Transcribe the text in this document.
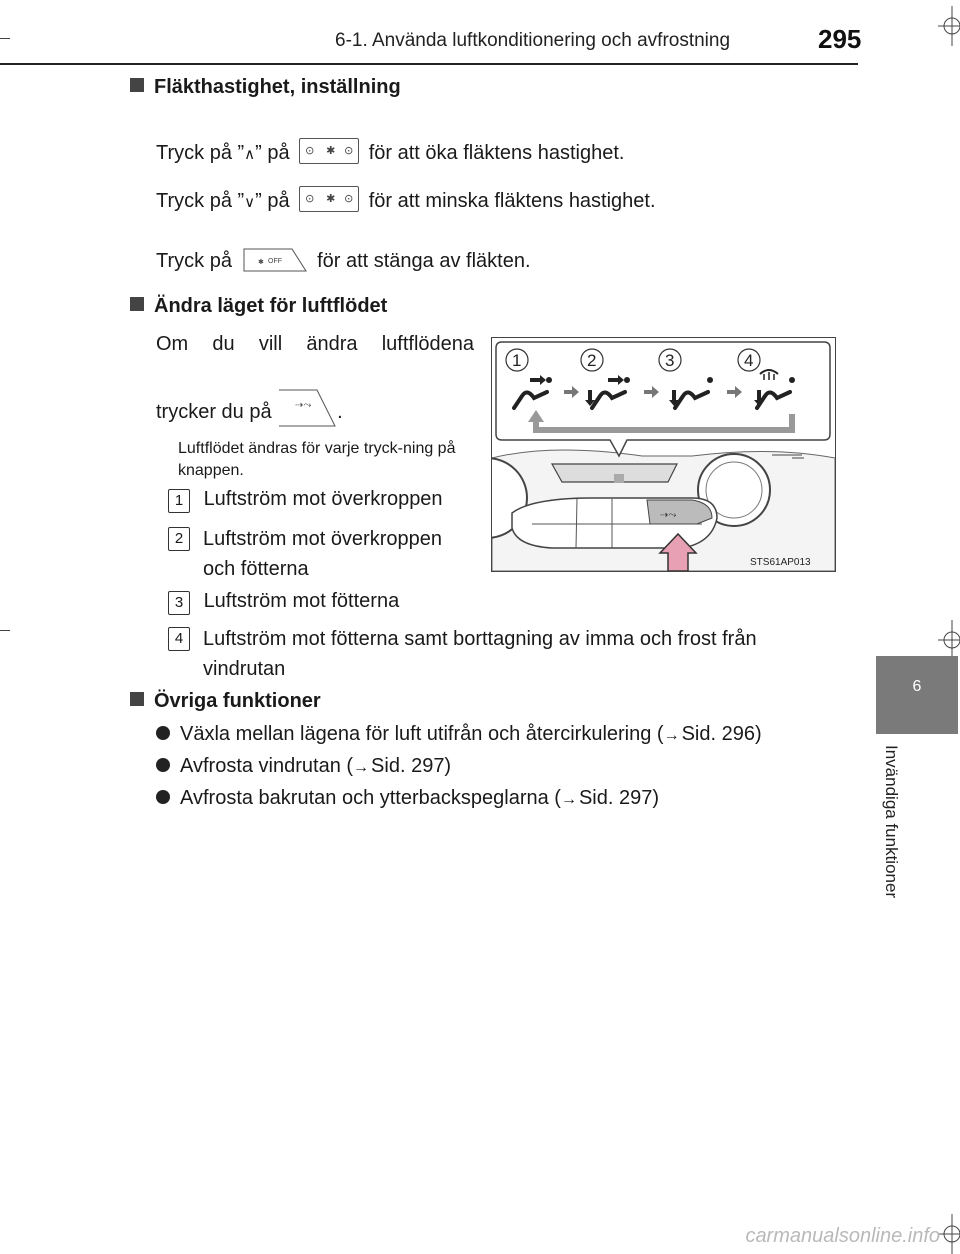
6-1. Använda luftkonditionering och avfrostning	295
6
Invändiga funktioner
Fläkthastighet, inställning
Tryck på ”∧” på ⊙ ✱ ⊙ för att öka fläktens hastighet.
Tryck på ”∨” på ⊙ ✱ ⊙ för att minska fläktens hastighet.
Tryck på	✱ OFF för att stänga av fläkten.
Ändra läget för luftflödet
Om du vill ändra luftflödena
trycker du på ⇢⤳ .
Luftflödet ändras för varje tryck-ning på knappen.
1 Luftström mot överkroppen
2 Luftström mot överkroppen och fötterna
3 Luftström mot fötterna
4 Luftström mot fötterna samt borttagning av imma och frost från vindrutan
⇢⤳
1	2	3	4
STS61AP013
Övriga funktioner
Växla mellan lägena för luft utifrån och återcirkulering (→ Sid. 296)
Avfrosta vindrutan (→ Sid. 297)
Avfrosta bakrutan och ytterbackspeglarna (→ Sid. 297)
carmanualsonline.info
